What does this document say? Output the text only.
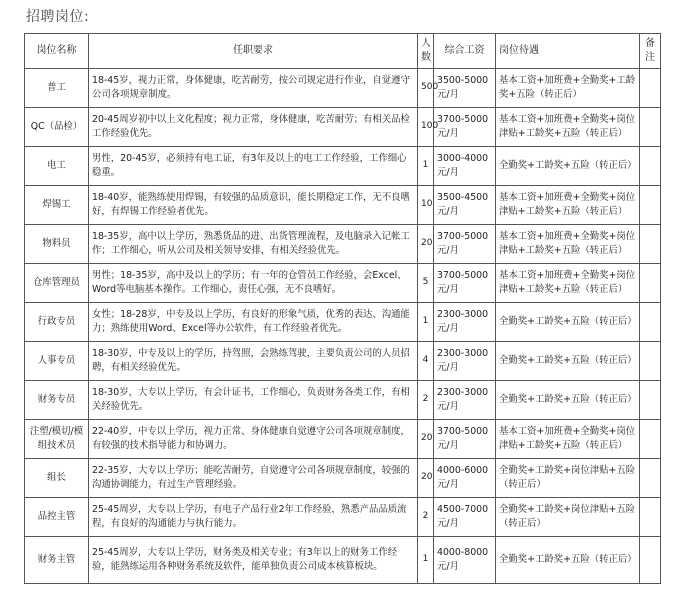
招聘岗位:
岗位名称	任职要求	人数	综合工资	岗位待遇	备注
普工	18-45岁，视力正常，身体健康，吃苦耐劳，按公司规定进行作业，自觉遵守公司各项规章制度。	500	3500-5000元/月	基本工资+加班费+全勤奖+工龄奖+五险（转正后）	
QC（品检）	20-45周岁初中以上文化程度；视力正常，身体健康，吃苦耐劳；有相关品检工作经验优先。	100	3700-5000元/月	基本工资+加班费+全勤奖+岗位津贴+工龄奖+五险（转正后）	
电工	男性，20-45岁，必须持有电工证，有3年及以上的电工工作经验，工作细心稳重。	1	3000-4000元/月	全勤奖+工龄奖+五险（转正后）	
焊锡工	18-40岁，能熟练使用焊锡，有较强的品质意识，能长期稳定工作，无不良嗜好，有焊锡工作经验者优先。	10	3500-4500元/月	基本工资+加班费+全勤奖+岗位津贴+工龄奖+五险（转正后）	
物料员	18-35岁，高中以上学历，熟悉货品的进、出货管理流程，及电脑录入记帐工作；工作细心，听从公司及相关领导安排，有相关经验优先。	20	3700-5000元/月	基本工资+加班费+全勤奖+岗位津贴+工龄奖+五险（转正后）	
仓库管理员	男性；18-35岁，高中及以上的学历；有一年的仓管员工作经验，会Excel、Word等电脑基本操作。工作细心，责任心强，无不良嗜好。	5	3700-5000元/月	基本工资+加班费+全勤奖+岗位津贴+工龄奖+五险（转正后）	
行政专员	女性；18-28岁，中专及以上学历，有良好的形象气质，优秀的表达、沟通能力；熟练使用Word、Excel等办公软件，有工作经验者优先。	1	2300-3000元/月	全勤奖+工龄奖+五险（转正后）	
人事专员	18-30岁，中专及以上的学历，持驾照，会熟练驾驶，主要负责公司的人员招聘，有相关经验优先。	4	2300-3000元/月	全勤奖+工龄奖+五险（转正后）	
财务专员	18-30岁，大专以上学历，有会计证书，工作细心，负责财务各类工作，有相关经验优先。	2	2300-3000元/月	全勤奖+工龄奖+五险（转正后）	
注塑/模切/模组技术员	22-40岁，中专以上学历，视力正常、身体健康自觉遵守公司各项规章制度，有较强的技术指导能力和协调力。	20	3700-5000元/月	基本工资+加班费+全勤奖+岗位津贴+工龄奖+五险（转正后）	
组长	22-35岁，大专以上学历；能吃苦耐劳，自觉遵守公司各项规章制度，较强的沟通协调能力，有过生产管理经验。	20	4000-6000元/月	全勤奖+工龄奖+岗位津贴+五险（转正后）	
品控主管	25-45周岁，大专以上学历，有电子产品行业2年工作经验，熟悉产品品质流程，有良好的沟通能力与执行能力。	2	4500-7000元/月	全勤奖+工龄奖+岗位津贴+五险（转正后）	
财务主管	25-45周岁，大专以上学历，财务类及相关专业；有3年以上的财务工作经验，能熟练运用各种财务系统及软件，能单独负责公司成本核算板块。	1	4000-8000元/月	全勤奖+工龄奖+五险（转正后）	
